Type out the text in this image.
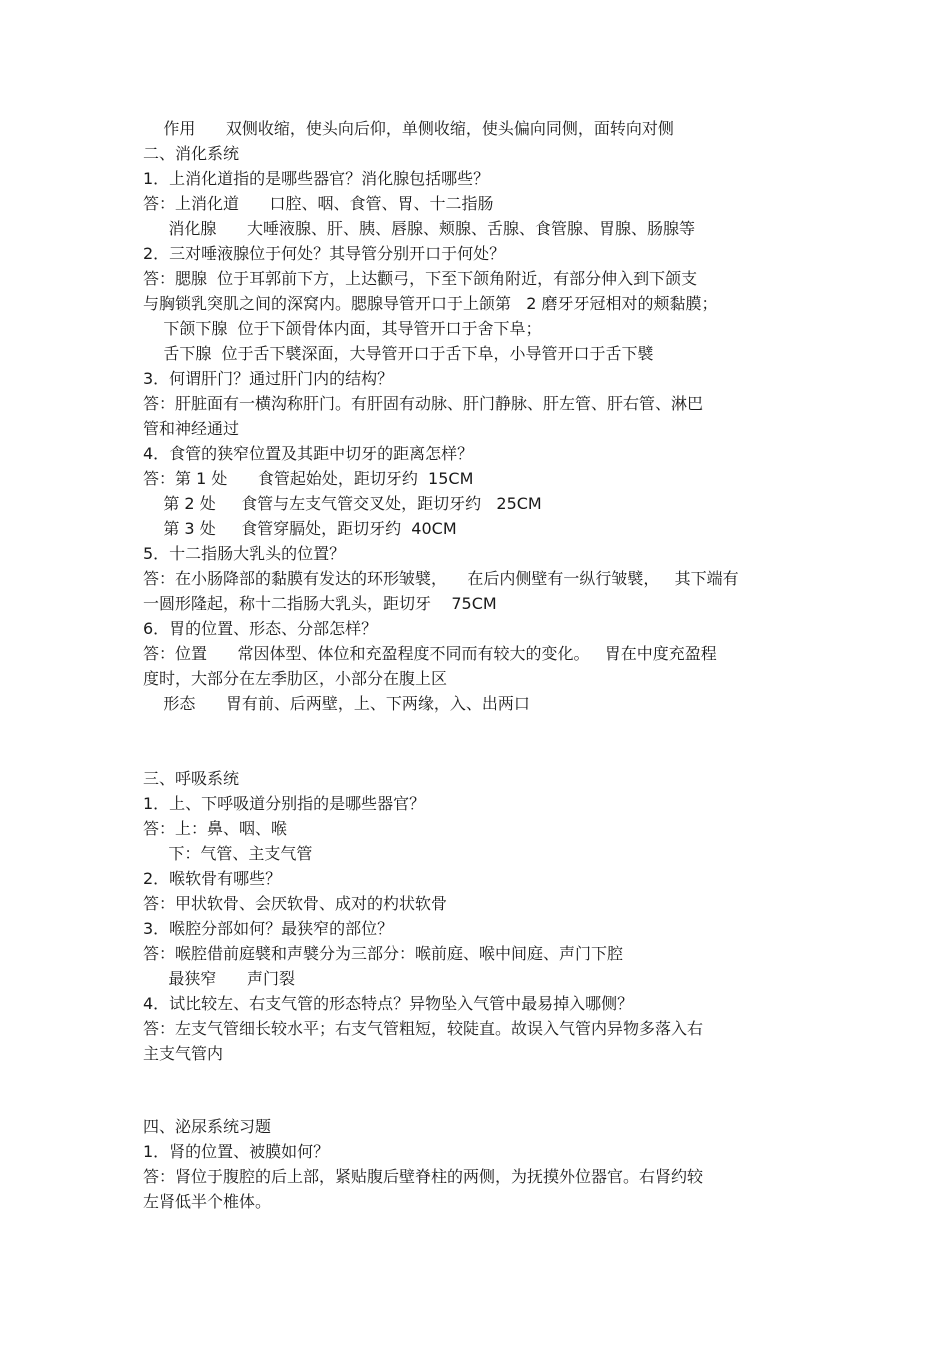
作用      双侧收缩，使头向后仰，单侧收缩，使头偏向同侧，面转向对侧
二、消化系统
1．上消化道指的是哪些器官？消化腺包括哪些？
答：上消化道      口腔、咽、食管、胃、十二指肠
消化腺      大唾液腺、肝、胰、唇腺、颊腺、舌腺、食管腺、胃腺、肠腺等
2．三对唾液腺位于何处？其导管分别开口于何处？
答：腮腺  位于耳郭前下方，上达颧弓，下至下颌角附近，有部分伸入到下颌支
与胸锁乳突肌之间的深窝内。腮腺导管开口于上颌第   2 磨牙牙冠相对的颊黏膜；
下颌下腺  位于下颌骨体内面，其导管开口于舍下阜；
舌下腺  位于舌下襞深面，大导管开口于舌下阜，小导管开口于舌下襞
3．何谓肝门？通过肝门内的结构？
答：肝脏面有一横沟称肝门。有肝固有动脉、肝门静脉、肝左管、肝右管、淋巴
管和神经通过
4．食管的狭窄位置及其距中切牙的距离怎样？
答：第 1 处      食管起始处，距切牙约  15CM
第 2 处     食管与左支气管交叉处，距切牙约   25CM
第 3 处     食管穿膈处，距切牙约  40CM
5．十二指肠大乳头的位置？
答：在小肠降部的黏膜有发达的环形皱襞，    在后内侧壁有一纵行皱襞，   其下端有
一圆形隆起，称十二指肠大乳头，距切牙    75CM
6．胃的位置、形态、分部怎样？
答：位置      常因体型、体位和充盈程度不同而有较大的变化。   胃在中度充盈程
度时，大部分在左季肋区，小部分在腹上区
形态      胃有前、后两壁，上、下两缘，入、出两口
三、呼吸系统
1．上、下呼吸道分别指的是哪些器官？
答：上：鼻、咽、喉
下：气管、主支气管
2．喉软骨有哪些？
答：甲状软骨、会厌软骨、成对的杓状软骨
3．喉腔分部如何？最狭窄的部位？
答：喉腔借前庭襞和声襞分为三部分：喉前庭、喉中间庭、声门下腔
最狭窄      声门裂
4．试比较左、右支气管的形态特点？异物坠入气管中最易掉入哪侧？
答：左支气管细长较水平；右支气管粗短，较陡直。故误入气管内异物多落入右
主支气管内
四、泌尿系统习题
1．肾的位置、被膜如何？
答：肾位于腹腔的后上部，紧贴腹后壁脊柱的两侧，为抚摸外位器官。右肾约较
左肾低半个椎体。
